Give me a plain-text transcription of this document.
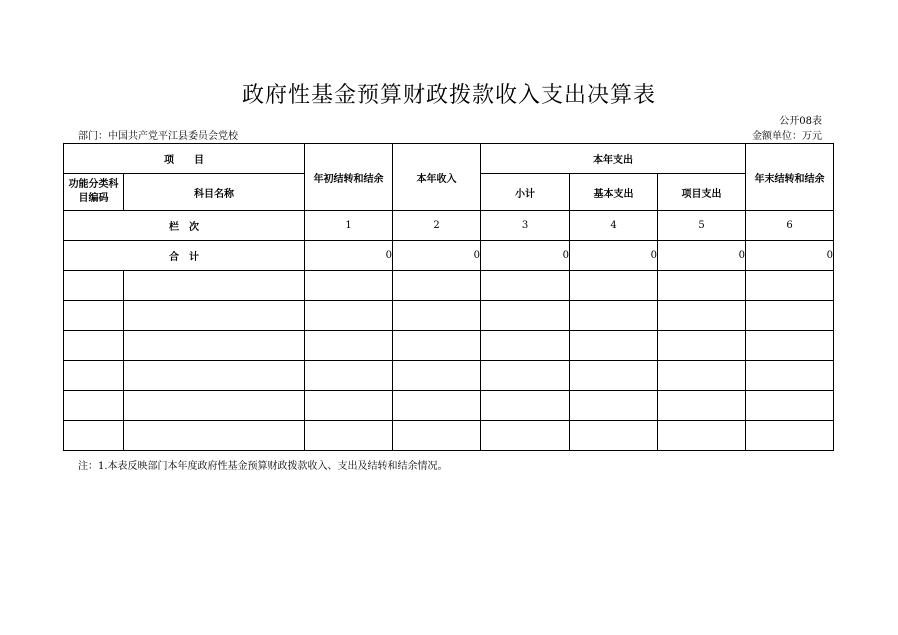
政府性基金预算财政拨款收入支出决算表
公开08表
部门：中国共产党平江县委员会党校	金额单位：万元
项　　目		年初结转和结余	本年收入	本年支出			年末结转和结余
功能分类科目编码	科目名称			小计	基本支出	项目支出	
栏　次		1	2	3	4	5	6
合　计		0	0	0	0	0	0

注：1.本表反映部门本年度政府性基金预算财政拨款收入、支出及结转和结余情况。
